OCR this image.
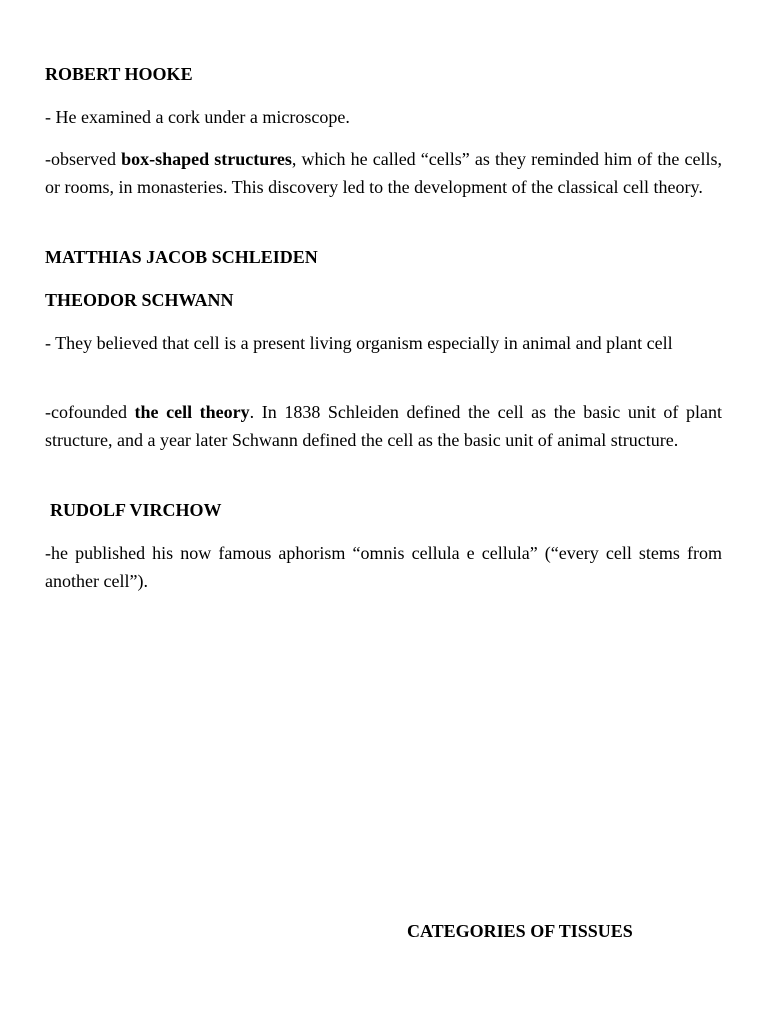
ROBERT HOOKE

- He examined a cork under a microscope.

-observed box-shaped structures, which he called “cells” as they reminded him of the cells, or rooms, in monasteries. This discovery led to the development of the classical cell theory.

MATTHIAS JACOB SCHLEIDEN
THEODOR SCHWANN

- They believed that cell is a present living organism especially in animal and plant cell

-cofounded the cell theory. In 1838 Schleiden defined the cell as the basic unit of plant structure, and a year later Schwann defined the cell as the basic unit of animal structure.

RUDOLF VIRCHOW

-he published his now famous aphorism “omnis cellula e cellula” (“every cell stems from another cell”).

CATEGORIES OF TISSUES
